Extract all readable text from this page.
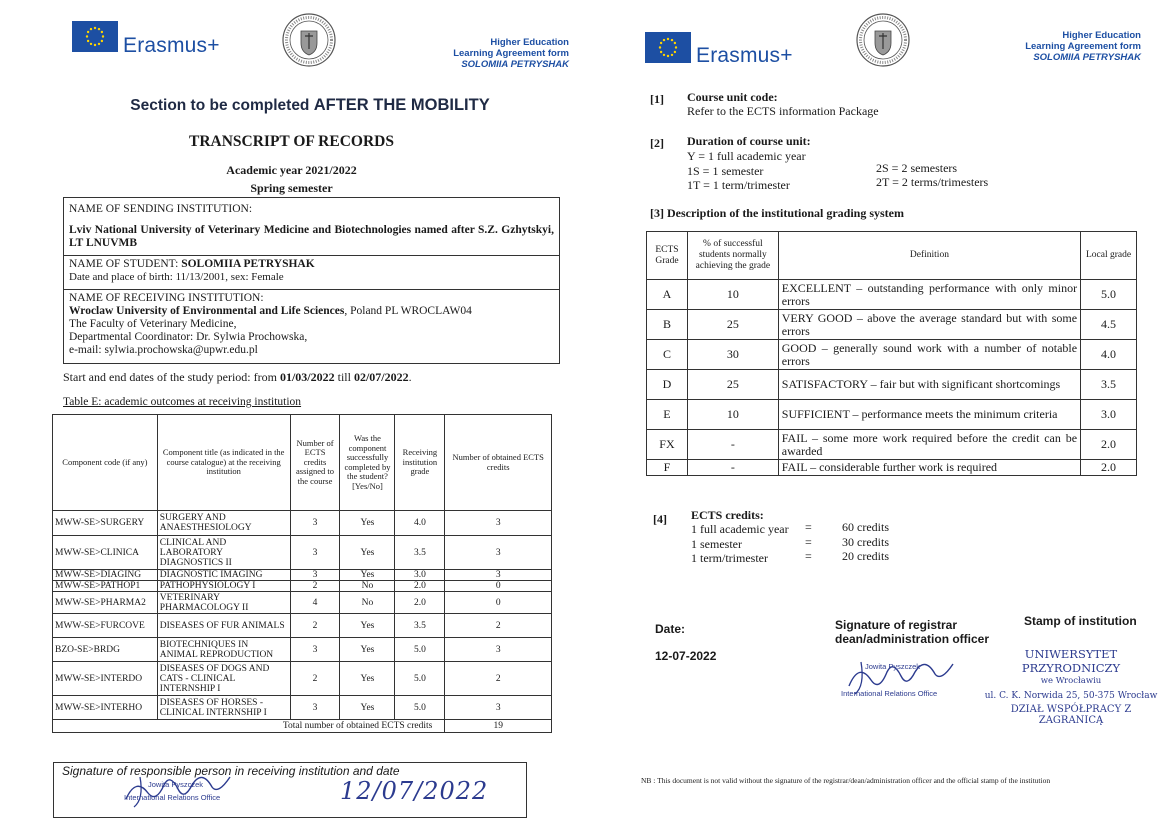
Erasmus+	Higher Education
Learning Agreement form
SOLOMIIA PETRYSHAK
Section to be completed AFTER THE MOBILITY
TRANSCRIPT OF RECORDS
Academic year 2021/2022
Spring semester
NAME OF SENDING INSTITUTION:
Lviv National University of Veterinary Medicine and Biotechnologies named after S.Z. Gzhytskyi, LT LNUVMB
NAME OF STUDENT: SOLOMIIA PETRYSHAK
Date and place of birth: 11/13/2001, sex: Female
NAME OF RECEIVING INSTITUTION:
Wroclaw University of Environmental and Life Sciences, Poland PL WROCLAW04
The Faculty of Veterinary Medicine,
Departmental Coordinator: Dr. Sylwia Prochowska,
e-mail: sylwia.prochowska@upwr.edu.pl
Start and end dates of the study period: from 01/03/2022 till 02/07/2022.
Table E: academic outcomes at receiving institution
Component code (if any)	Component title (as indicated in the course catalogue) at the receiving institution	Number of ECTS credits assigned to the course	Was the component successfully completed by the student? [Yes/No]	Receiving institution grade	Number of obtained ECTS credits
MWW-SE>SURGERY	SURGERY AND ANAESTHESIOLOGY	3	Yes	4.0	3
MWW-SE>CLINICA	CLINICAL AND LABORATORY DIAGNOSTICS II	3	Yes	3.5	3
MWW-SE>DIAGING	DIAGNOSTIC IMAGING	3	Yes	3.0	3
MWW-SE>PATHOP1	PATHOPHYSIOLOGY I	2	No	2.0	0
MWW-SE>PHARMA2	VETERINARY PHARMACOLOGY II	4	No	2.0	0
MWW-SE>FURCOVE	DISEASES OF FUR ANIMALS	2	Yes	3.5	2
BZO-SE>BRDG	BIOTECHNIQUES IN ANIMAL REPRODUCTION	3	Yes	5.0	3
MWW-SE>INTERDO	DISEASES OF DOGS AND CATS - CLINICAL INTERNSHIP I	2	Yes	5.0	2
MWW-SE>INTERHO	DISEASES OF HORSES - CLINICAL INTERNSHIP I	3	Yes	5.0	3
Total number of obtained ECTS credits					19
Signature of responsible person in receiving institution and date
Jowita Pyszczek
International Relations Office	12/07/2022
Erasmus+
Higher Education
Learning Agreement form
SOLOMIIA PETRYSHAK
[1] Course unit code:
Refer to the ECTS information Package
[2] Duration of course unit:
Y = 1 full academic year
1S = 1 semester
1T = 1 term/trimester
2S = 2 semesters
2T = 2 terms/trimesters
[3] Description of the institutional grading system
ECTS Grade	% of successful students normally achieving the grade	Definition	Local grade
A	10	EXCELLENT – outstanding performance with only minor errors	5.0
B	25	VERY GOOD – above the average standard but with some errors	4.5
C	30	GOOD – generally sound work with a number of notable errors	4.0
D	25	SATISFACTORY – fair but with significant shortcomings	3.5
E	10	SUFFICIENT – performance meets the minimum criteria	3.0
FX	-	FAIL – some more work required before the credit can be awarded	2.0
F	-	FAIL – considerable further work is required	2.0
[4] ECTS credits:
1 full academic year =	60 credits
1 semester	=	30 credits
1 term/trimester	=	20 credits
Date:
12-07-2022
Signature of registrar
dean/administration officer
Jowita Pyszczek
International Relations Office
Stamp of institution
UNIWERSYTET PRZYRODNICZY
we Wrocławiu
ul. C. K. Norwida 25, 50-375 Wrocław
DZIAŁ WSPÓŁPRACY Z ZAGRANICĄ
NB : This document is not valid without the signature of the registrar/dean/administration officer and the official stamp of the institution
